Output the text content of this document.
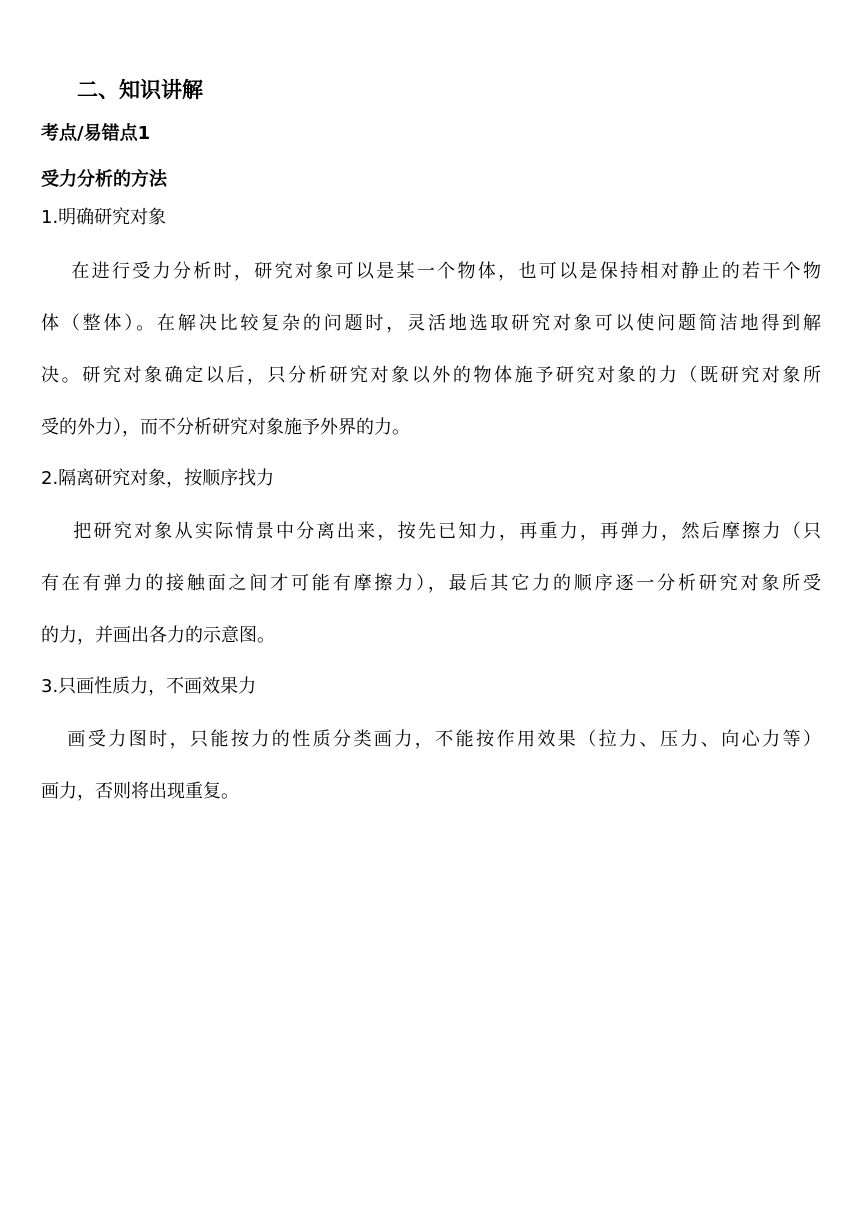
二、知识讲解
考点/易错点1
受力分析的方法
1.明确研究对象
　在进行受力分析时，研究对象可以是某一个物体，也可以是保持相对静止的若干个物
体（整体）。在解决比较复杂的问题时，灵活地选取研究对象可以使问题简洁地得到解
决。研究对象确定以后，只分析研究对象以外的物体施予研究对象的力（既研究对象所
受的外力），而不分析研究对象施予外界的力。
2.隔离研究对象，按顺序找力
　把研究对象从实际情景中分离出来，按先已知力，再重力，再弹力，然后摩擦力（只
有在有弹力的接触面之间才可能有摩擦力），最后其它力的顺序逐一分析研究对象所受
的力，并画出各力的示意图。
3.只画性质力，不画效果力
　画受力图时，只能按力的性质分类画力，不能按作用效果（拉力、压力、向心力等）
画力，否则将出现重复。
